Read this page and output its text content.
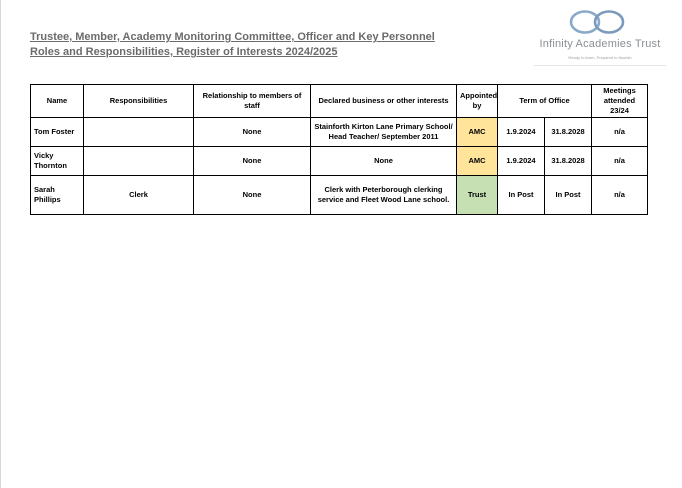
Trustee, Member, Academy Monitoring Committee, Officer and Key Personnel
Roles and Responsibilities, Register of Interests 2024/2025
Infinity Academies Trust
Ready to learn, Prepared to flourish
Name	Responsibilities	Relationship to members of staff	Declared business or other interests	Appointed by	Term of Office		Meetings attended 23/24
Tom Foster		None	Stainforth Kirton Lane Primary School/ Head Teacher/ September 2011	AMC	1.9.2024	31.8.2028	n/a
Vicky Thornton		None	None	AMC	1.9.2024	31.8.2028	n/a
Sarah Phillips	Clerk	None	Clerk with Peterborough clerking service and Fleet Wood Lane school.	Trust	In Post	In Post	n/a
